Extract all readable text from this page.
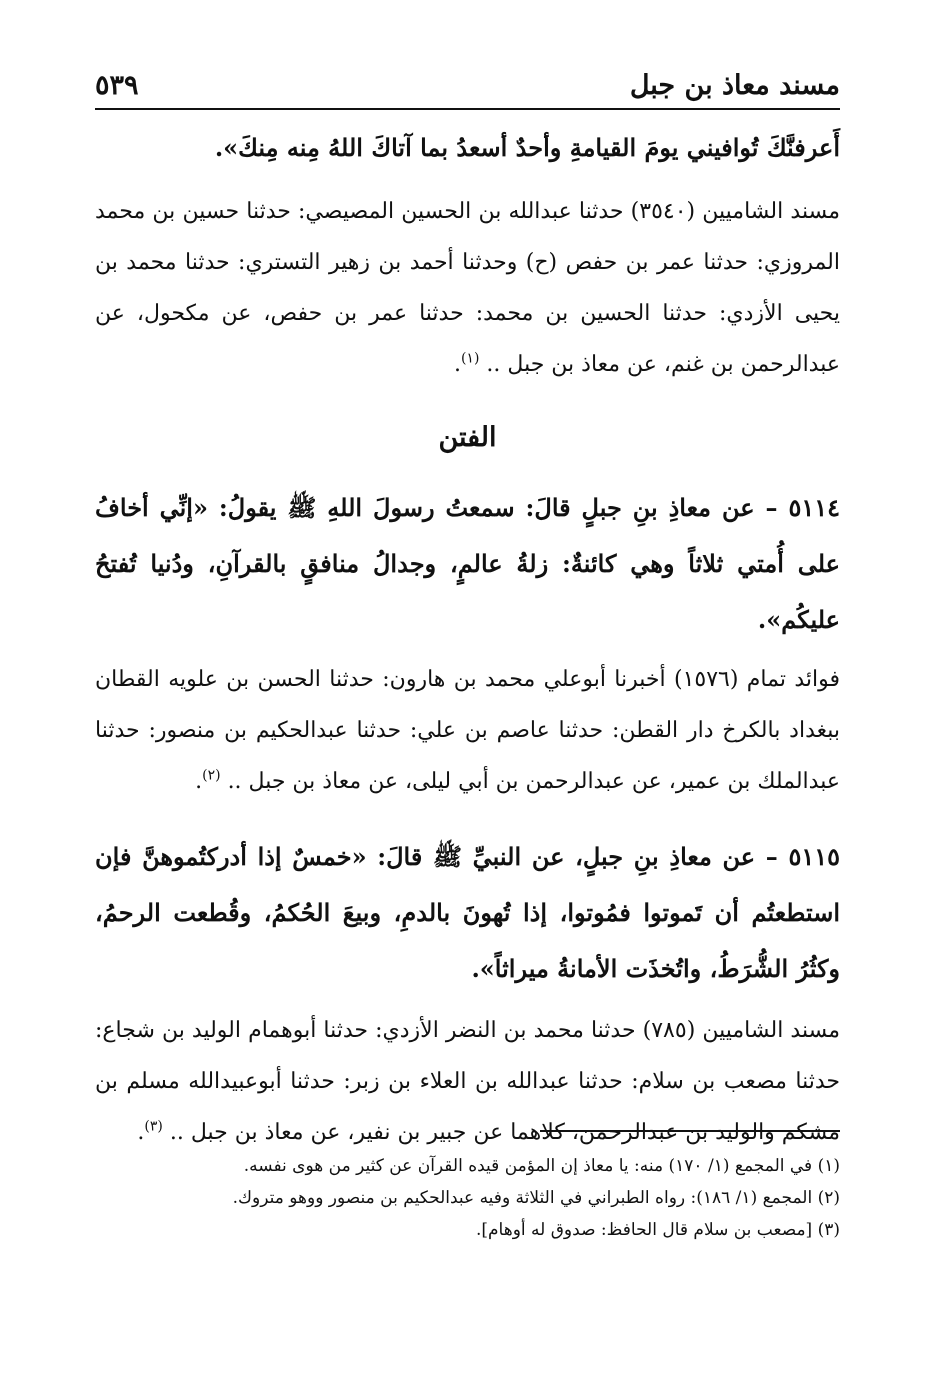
مسند معاذ بن جبل
٥٣٩

أَعرفنَّكَ تُوافيني يومَ القيامةِ وأحدٌ أسعدُ بما آتاكَ اللهُ مِنه مِنكَ».

مسند الشاميين (٣٥٤٠) حدثنا عبدالله بن الحسين المصيصي: حدثنا حسين بن محمد المروزي: حدثنا عمر بن حفص (ح) وحدثنا أحمد بن زهير التستري: حدثنا محمد بن يحيى الأزدي: حدثنا الحسين بن محمد: حدثنا عمر بن حفص، عن مكحول، عن عبدالرحمن بن غنم، عن معاذ بن جبل .. $^{(١)}$.

الفتن

٥١١٤ – عن معاذِ بنِ جبلٍ قالَ: سمعتُ رسولَ اللهِ ﷺ يقولُ: «إنِّي أخافُ على أُمتي ثلاثاً وهي كائنةٌ: زلةُ عالمٍ، وجدالُ منافقٍ بالقرآنِ، ودُنيا تُفتحُ عليكُم».

فوائد تمام (١٥٧٦) أخبرنا أبوعلي محمد بن هارون: حدثنا الحسن بن علويه القطان ببغداد بالكرخ دار القطن: حدثنا عاصم بن علي: حدثنا عبدالحكيم بن منصور: حدثنا عبدالملك بن عمير، عن عبدالرحمن بن أبي ليلى، عن معاذ بن جبل .. $^{(٢)}$.

٥١١٥ – عن معاذِ بنِ جبلٍ، عن النبيِّ ﷺ قالَ: «خمسٌ إذا أدركتُموهنَّ فإن استطعتُم أن تَموتوا فمُوتوا، إذا تُهونَ بالدمِ، وبيعَ الحُكمُ، وقُطعت الرحمُ، وكثُرُ الشُّرَطُ، واتُخذَت الأمانةُ ميراثاً».

مسند الشاميين (٧٨٥) حدثنا محمد بن النضر الأزدي: حدثنا أبوهمام الوليد بن شجاع: حدثنا مصعب بن سلام: حدثنا عبدالله بن العلاء بن زبر: حدثنا أبوعبيدالله مسلم بن مشكم والوليد بن عبدالرحمن، كلاهما عن جبير بن نفير، عن معاذ بن جبل .. $^{(٣)}$.

(١) في المجمع (١/ ١٧٠) منه: يا معاذ إن المؤمن قيده القرآن عن كثير من هوى نفسه.

(٢) المجمع (١/ ١٨٦): رواه الطبراني في الثلاثة وفيه عبدالحكيم بن منصور ووهو متروك.

(٣) [مصعب بن سلام قال الحافظ: صدوق له أوهام].
